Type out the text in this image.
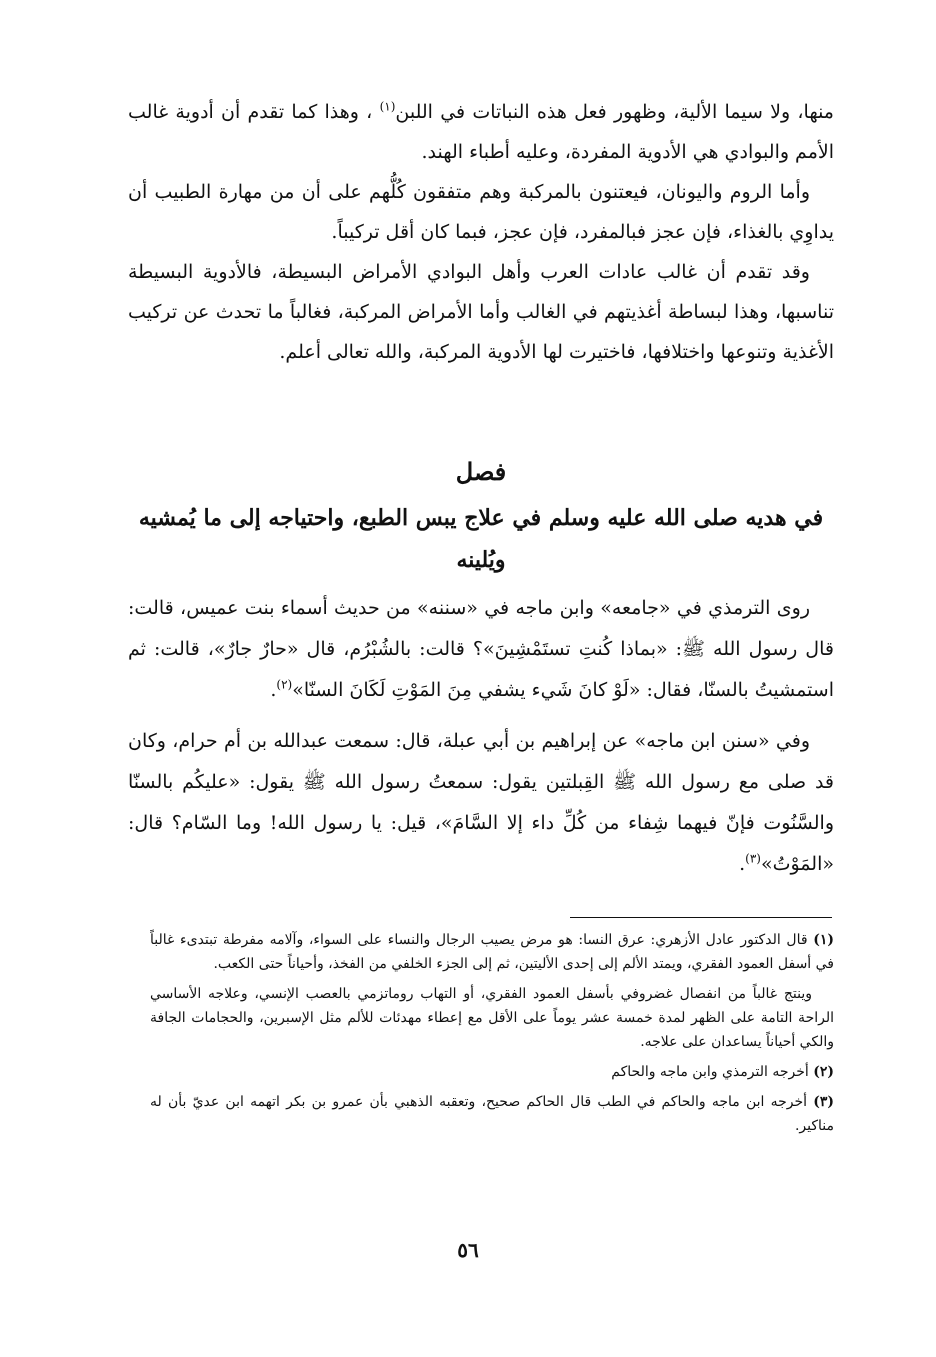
منها، ولا سيما الألية، وظهور فعل هذه النباتات في اللبن$^{(١)}$ ، وهذا كما تقدم أن أدوية غالب الأمم والبوادي هي الأدوية المفردة، وعليه أطباء الهند.

وأما الروم واليونان، فيعتنون بالمركبة وهم متفقون كُلُّهم على أن من مهارة الطبيب أن يداوِي بالغذاء، فإن عجز فبالمفرد، فإن عجز، فبما كان أقل تركيباً.

وقد تقدم أن غالب عادات العرب وأهل البوادي الأمراض البسيطة، فالأدوية البسيطة تناسبها، وهذا لبساطة أغذيتهم في الغالب وأما الأمراض المركبة، فغالباً ما تحدث عن تركيب الأغذية وتنوعها واختلافها، فاختيرت لها الأدوية المركبة، والله تعالى أعلم.

فصل
في هديه صلى الله عليه وسلم في علاج يبس الطبع، واحتياجه إلى ما يُمشيه ويُلينه

روى الترمذي في «جامعه» وابن ماجه في «سننه» من حديث أسماء بنت عميس، قالت: قال رسول الله ﷺ: «بماذا كُنتِ تستَمْشِينَ»؟ قالت: بالشُبْرُم، قال «حارٌ جارٌ»، قالت: ثم استمشيتُ بالسنّا، فقال: «لَوْ كانَ شَيء يشفي مِنَ المَوْتِ لَكَانَ السنّا»$^{(٢)}$.

وفي «سنن ابن ماجه» عن إبراهيم بن أبي عبلة، قال: سمعت عبدالله بن أم حرام، وكان قد صلى مع رسول الله ﷺ القِبلتين يقول: سمعتُ رسول الله ﷺ يقول: «عليكُم بالسنّا والسَّنُوت فإنّ فيهما شِفاء من كُلِّ داء إلا السَّامَ»، قيل: يا رسول الله! وما السّام؟ قال: «المَوْتُ»$^{(٣)}$.

(١) قال الدكتور عادل الأزهري: عرق النسا: هو مرض يصيب الرجال والنساء على السواء، وآلامه مفرطة تبتدىء غالباً في أسفل العمود الفقري، ويمتد الألم إلى إحدى الأليتين، ثم إلى الجزء الخلفي من الفخذ، وأحياناً حتى الكعب.

وينتج غالباً من انفصال غضروفي بأسفل العمود الفقري، أو التهاب روماتزمي بالعصب الإنسي، وعلاجه الأساسي الراحة التامة على الظهر لمدة خمسة عشر يوماً على الأقل مع إعطاء مهدئات للألم مثل الإسبرين، والحجامات الجافة والكي أحياناً يساعدان على علاجه.

(٢) أخرجه الترمذي وابن ماجه والحاكم

(٣) أخرجه ابن ماجه والحاكم في الطب قال الحاكم صحيح، وتعقبه الذهبي بأن عمرو بن بكر اتهمه ابن عديّ بأن له مناكير.

٥٦
